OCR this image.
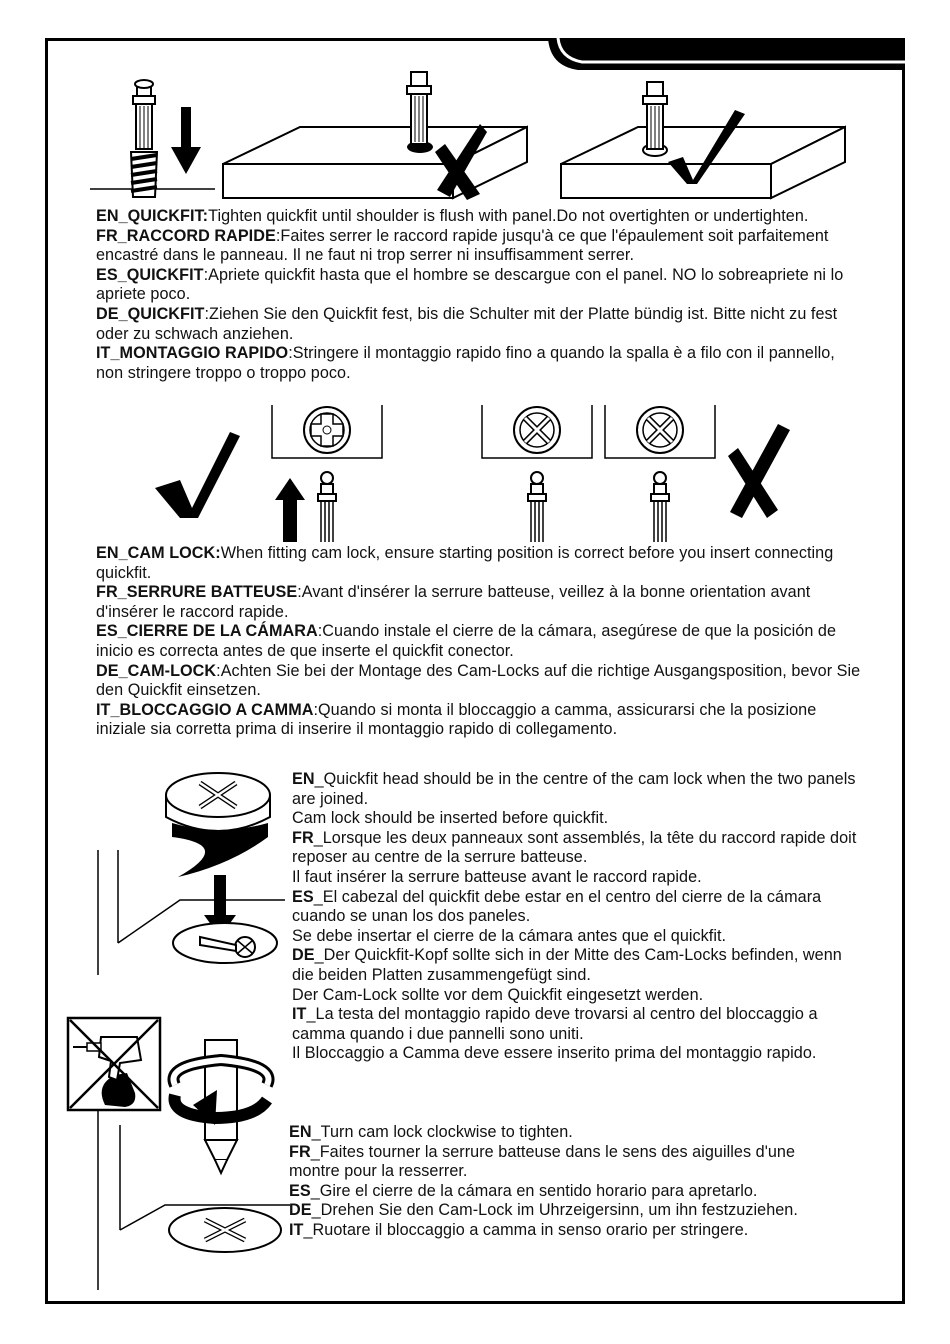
EN_QUICKFIT:Tighten quickfit until shoulder is flush with panel.Do not overtighten or undertighten.

FR_RACCORD RAPIDE:Faites serrer le raccord rapide jusqu'à ce que l'épaulement soit parfaitement encastré dans le panneau. Il ne faut ni trop serrer ni insuffisamment serrer.

ES_QUICKFIT:Apriete quickfit hasta que el hombre se descargue con el panel. NO lo sobreapriete ni lo apriete poco.

DE_QUICKFIT:Ziehen Sie den Quickfit fest, bis die Schulter mit der Platte bündig ist. Bitte nicht zu fest oder zu schwach anziehen.

IT_MONTAGGIO RAPIDO:Stringere il montaggio rapido fino a quando la spalla è a filo con il pannello, non stringere troppo o troppo poco.

EN_CAM LOCK:When fitting cam lock, ensure starting position is correct before you insert connecting quickfit.

FR_SERRURE BATTEUSE:Avant d'insérer la serrure batteuse, veillez à la bonne orientation avant d'insérer le raccord rapide.

ES_CIERRE DE LA CÁMARA:Cuando instale el cierre de la cámara, asegúrese de que la posición de inicio es correcta antes de que inserte el quickfit conector.

DE_CAM-LOCK:Achten Sie bei der Montage des Cam-Locks auf die richtige Ausgangsposition, bevor Sie den Quickfit einsetzen.

IT_BLOCCAGGIO A CAMMA:Quando si monta il bloccaggio a camma, assicurarsi che la posizione iniziale sia corretta prima di inserire il montaggio rapido di collegamento.

EN_Quickfit head should be in the centre of the cam lock when the two panels are joined.

Cam lock should be inserted before quickfit.

FR_Lorsque les deux panneaux sont assemblés, la tête du raccord rapide doit reposer au centre de la serrure batteuse.

Il faut insérer la serrure batteuse avant le raccord rapide.

ES_El cabezal del quickfit debe estar en el centro del cierre de la cámara cuando se unan los dos paneles.

Se debe insertar el cierre de la cámara antes que el quickfit.

DE_Der Quickfit-Kopf sollte sich in der Mitte des Cam-Locks befinden, wenn die beiden Platten zusammengefügt sind.

Der Cam-Lock sollte vor dem Quickfit eingesetzt werden.

IT_La testa del montaggio rapido deve trovarsi al centro del bloccaggio a camma quando i due pannelli sono uniti.

Il Bloccaggio a Camma deve essere inserito prima del montaggio rapido.

EN_Turn cam lock clockwise to tighten.

FR_Faites tourner la serrure batteuse dans le sens des aiguilles d'une montre pour la resserrer.

ES_Gire el cierre de la cámara en sentido horario para apretarlo.

DE_Drehen Sie den Cam-Lock im Uhrzeigersinn, um ihn festzuziehen.

IT_Ruotare il bloccaggio a camma in senso orario per stringere.
